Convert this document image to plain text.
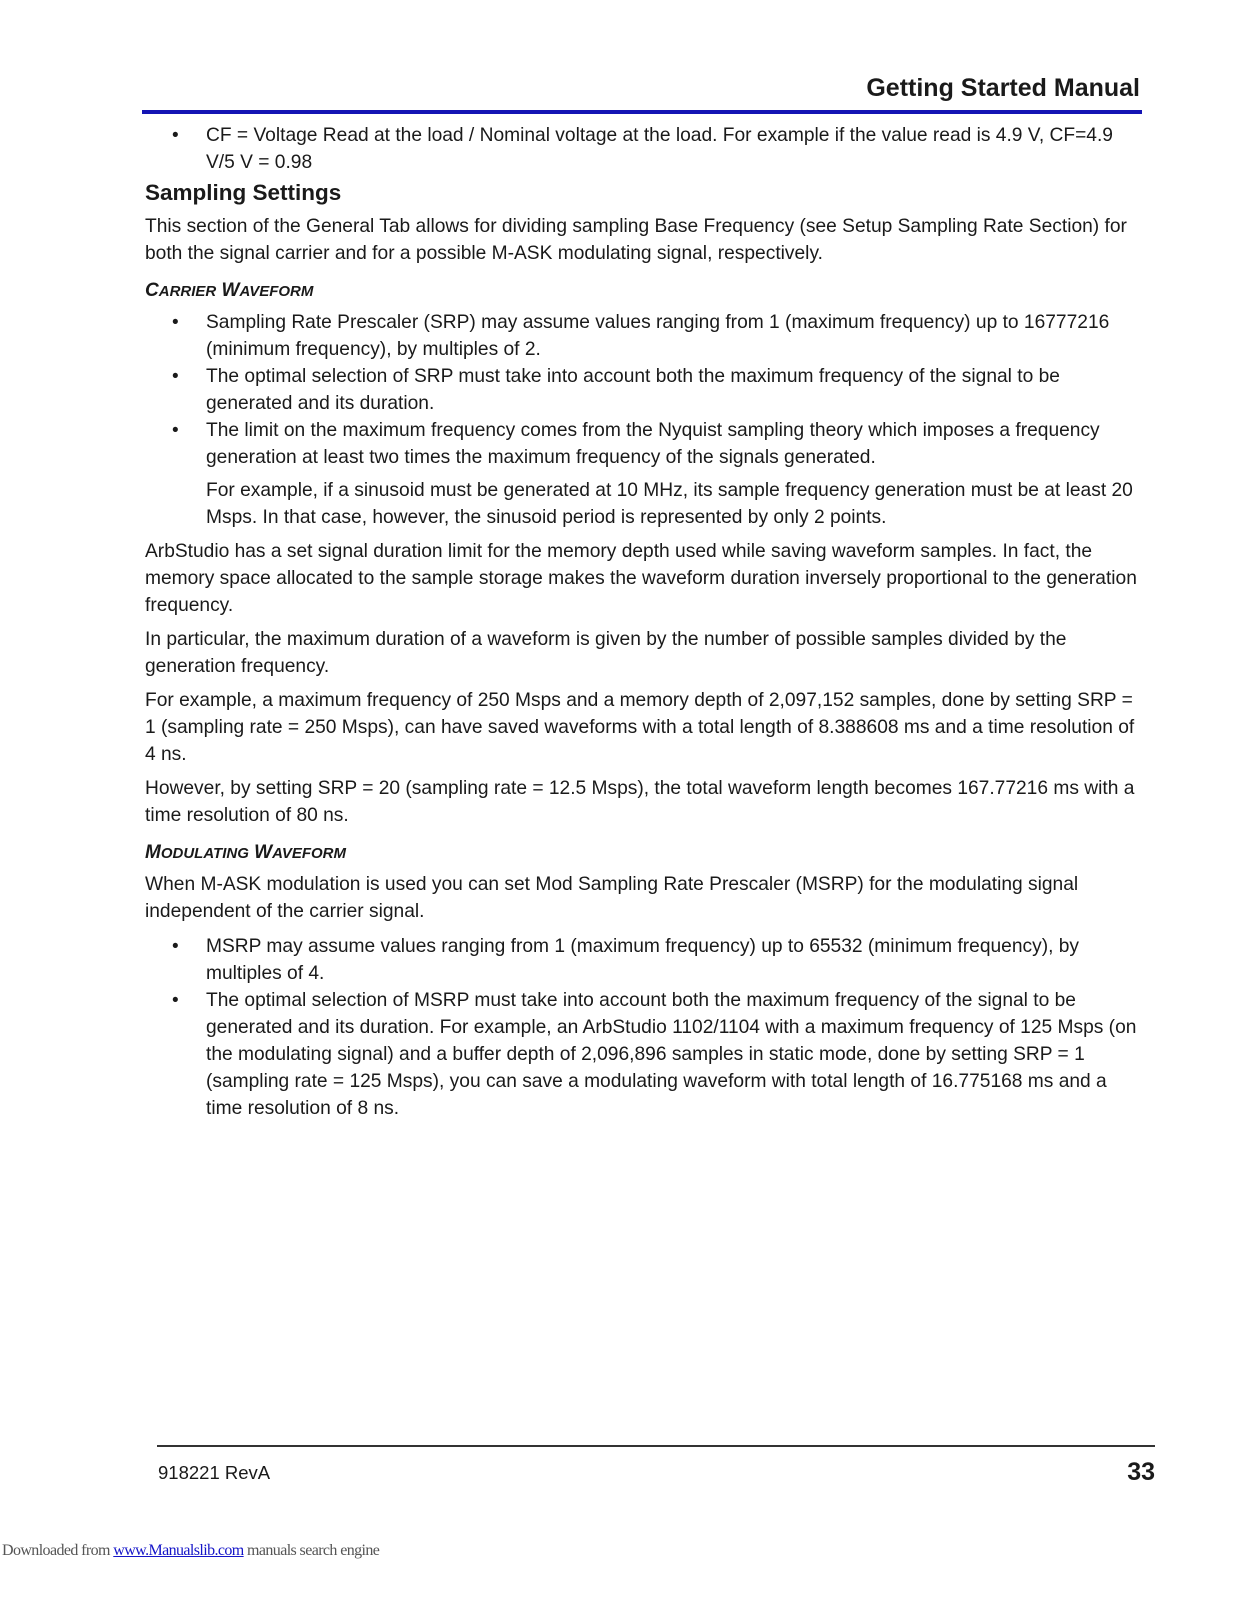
Getting Started Manual
• CF = Voltage Read at the load / Nominal voltage at the load. For example if the value read is 4.9 V, CF=4.9 V/5 V = 0.98
Sampling Settings

This section of the General Tab allows for dividing sampling Base Frequency (see Setup Sampling Rate Section) for both the signal carrier and for a possible M-ASK modulating signal, respectively.

CARRIER WAVEFORM
• Sampling Rate Prescaler (SRP) may assume values ranging from 1 (maximum frequency) up to 16777216 (minimum frequency), by multiples of 2.
• The optimal selection of SRP must take into account both the maximum frequency of the signal to be generated and its duration.
• The limit on the maximum frequency comes from the Nyquist sampling theory which imposes a frequency generation at least two times the maximum frequency of the signals generated.

For example, if a sinusoid must be generated at 10 MHz, its sample frequency generation must be at least 20 Msps. In that case, however, the sinusoid period is represented by only 2 points.

ArbStudio has a set signal duration limit for the memory depth used while saving waveform samples. In fact, the memory space allocated to the sample storage makes the waveform duration inversely proportional to the generation frequency.

In particular, the maximum duration of a waveform is given by the number of possible samples divided by the generation frequency.

For example, a maximum frequency of 250 Msps and a memory depth of 2,097,152 samples, done by setting SRP = 1 (sampling rate = 250 Msps), can have saved waveforms with a total length of 8.388608 ms and a time resolution of 4 ns.

However, by setting SRP = 20 (sampling rate = 12.5 Msps), the total waveform length becomes 167.77216 ms with a time resolution of 80 ns.

MODULATING WAVEFORM

When M-ASK modulation is used you can set Mod Sampling Rate Prescaler (MSRP) for the modulating signal independent of the carrier signal.

• MSRP may assume values ranging from 1 (maximum frequency) up to 65532 (minimum frequency), by multiples of 4.
• The optimal selection of MSRP must take into account both the maximum frequency of the signal to be generated and its duration. For example, an ArbStudio 1102/1104 with a maximum frequency of 125 Msps (on the modulating signal) and a buffer depth of 2,096,896 samples in static mode, done by setting SRP = 1 (sampling rate = 125 Msps), you can save a modulating waveform with total length of 16.775168 ms and a time resolution of 8 ns.
918221 RevA	33
Downloaded from www.Manualslib.com manuals search engine
